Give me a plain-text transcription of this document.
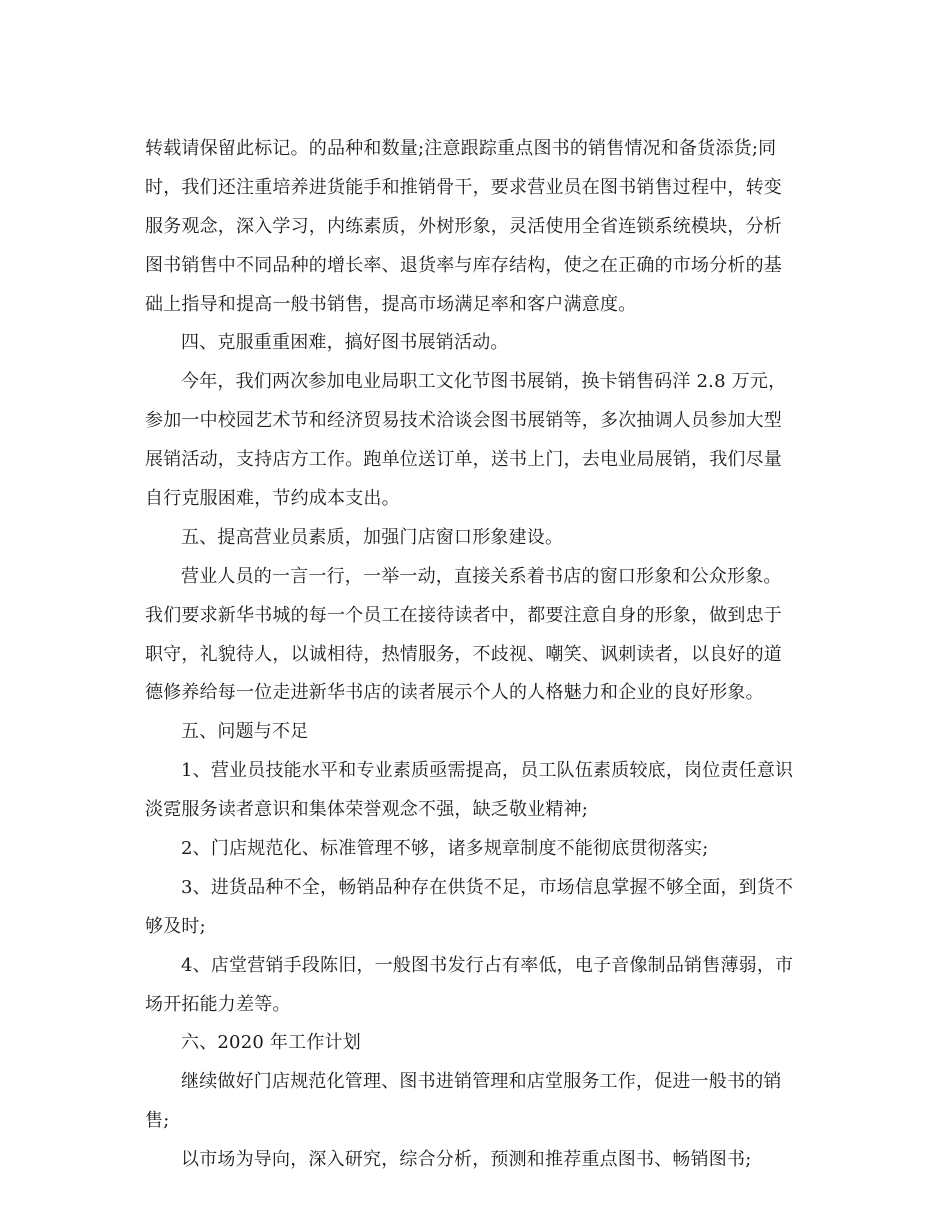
转载请保留此标记。的品种和数量;注意跟踪重点图书的销售情况和备货添货;同
时，我们还注重培养进货能手和推销骨干，要求营业员在图书销售过程中，转变
服务观念，深入学习，内练素质，外树形象，灵活使用全省连锁系统模块，分析
图书销售中不同品种的增长率、退货率与库存结构，使之在正确的市场分析的基
础上指导和提高一般书销售，提高市场满足率和客户满意度。
四、克服重重困难，搞好图书展销活动。
今年，我们两次参加电业局职工文化节图书展销，换卡销售码洋 2.8 万元，
参加一中校园艺术节和经济贸易技术洽谈会图书展销等，多次抽调人员参加大型
展销活动，支持店方工作。跑单位送订单，送书上门，去电业局展销，我们尽量
自行克服困难，节约成本支出。
五、提高营业员素质，加强门店窗口形象建设。
营业人员的一言一行，一举一动，直接关系着书店的窗口形象和公众形象。
我们要求新华书城的每一个员工在接待读者中，都要注意自身的形象，做到忠于
职守，礼貌待人，以诚相待，热情服务，不歧视、嘲笑、讽刺读者，以良好的道
德修养给每一位走进新华书店的读者展示个人的人格魅力和企业的良好形象。
五、问题与不足
1、营业员技能水平和专业素质亟需提高，员工队伍素质较底，岗位责任意识
淡霓服务读者意识和集体荣誉观念不强，缺乏敬业精神;
2、门店规范化、标准管理不够，诸多规章制度不能彻底贯彻落实;
3、进货品种不全，畅销品种存在供货不足，市场信息掌握不够全面，到货不
够及时;
4、店堂营销手段陈旧，一般图书发行占有率低，电子音像制品销售薄弱，市
场开拓能力差等。
六、2020 年工作计划
继续做好门店规范化管理、图书进销管理和店堂服务工作，促进一般书的销
售;
以市场为导向，深入研究，综合分析，预测和推荐重点图书、畅销图书;
